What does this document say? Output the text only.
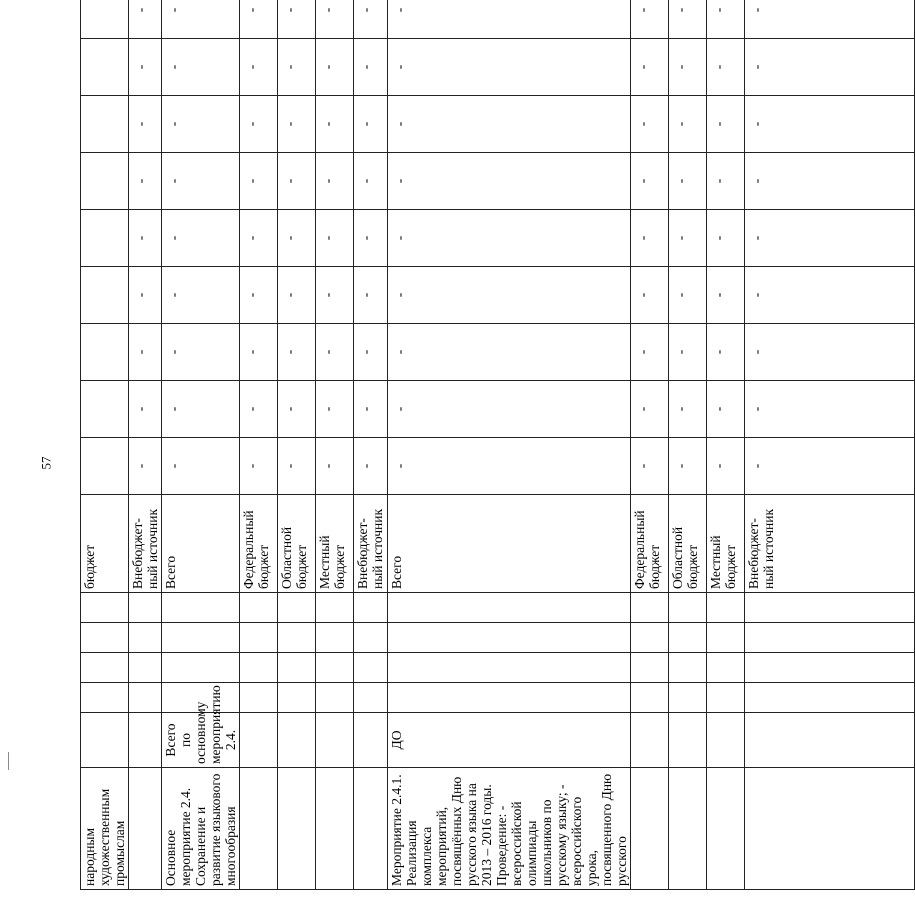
57
народным художественным промыслам						бюджет										
						Внебюджет-ный источник	-	-	-	-	-	-	-	-	-	
Основное мероприятие 2.4. Сохранение и развитие языкового многообразия	Всего по основному мероприятию 2.4.					Всего	-	-	-	-	-	-	-	-	-	
						Федеральный бюджет	-	-	-	-	-	-	-	-	-	
						Областной бюджет	-	-	-	-	-	-	-	-	-	
						Местный бюджет	-	-	-	-	-	-	-	-	-	
						Внебюджет-ный источник	-	-	-	-	-	-	-	-	-	
Мероприятие 2.4.1. Реализация комплекса мероприятий, посвящённых Дню русского языка на 2013 – 2016 годы. Проведение: - всероссийской олимпиады школьников по русскому языку; - всероссийского урока, посвященного Дню русского	ДО					Всего	-	-	-	-	-	-	-	-	-	
						Федеральный бюджет	-	-	-	-	-	-	-	-	-	
						Областной бюджет	-	-	-	-	-	-	-	-	-	
						Местный бюджет	-	-	-	-	-	-	-	-	-	
						Внебюджет-ный источник	-	-	-	-	-	-	-	-	-	
